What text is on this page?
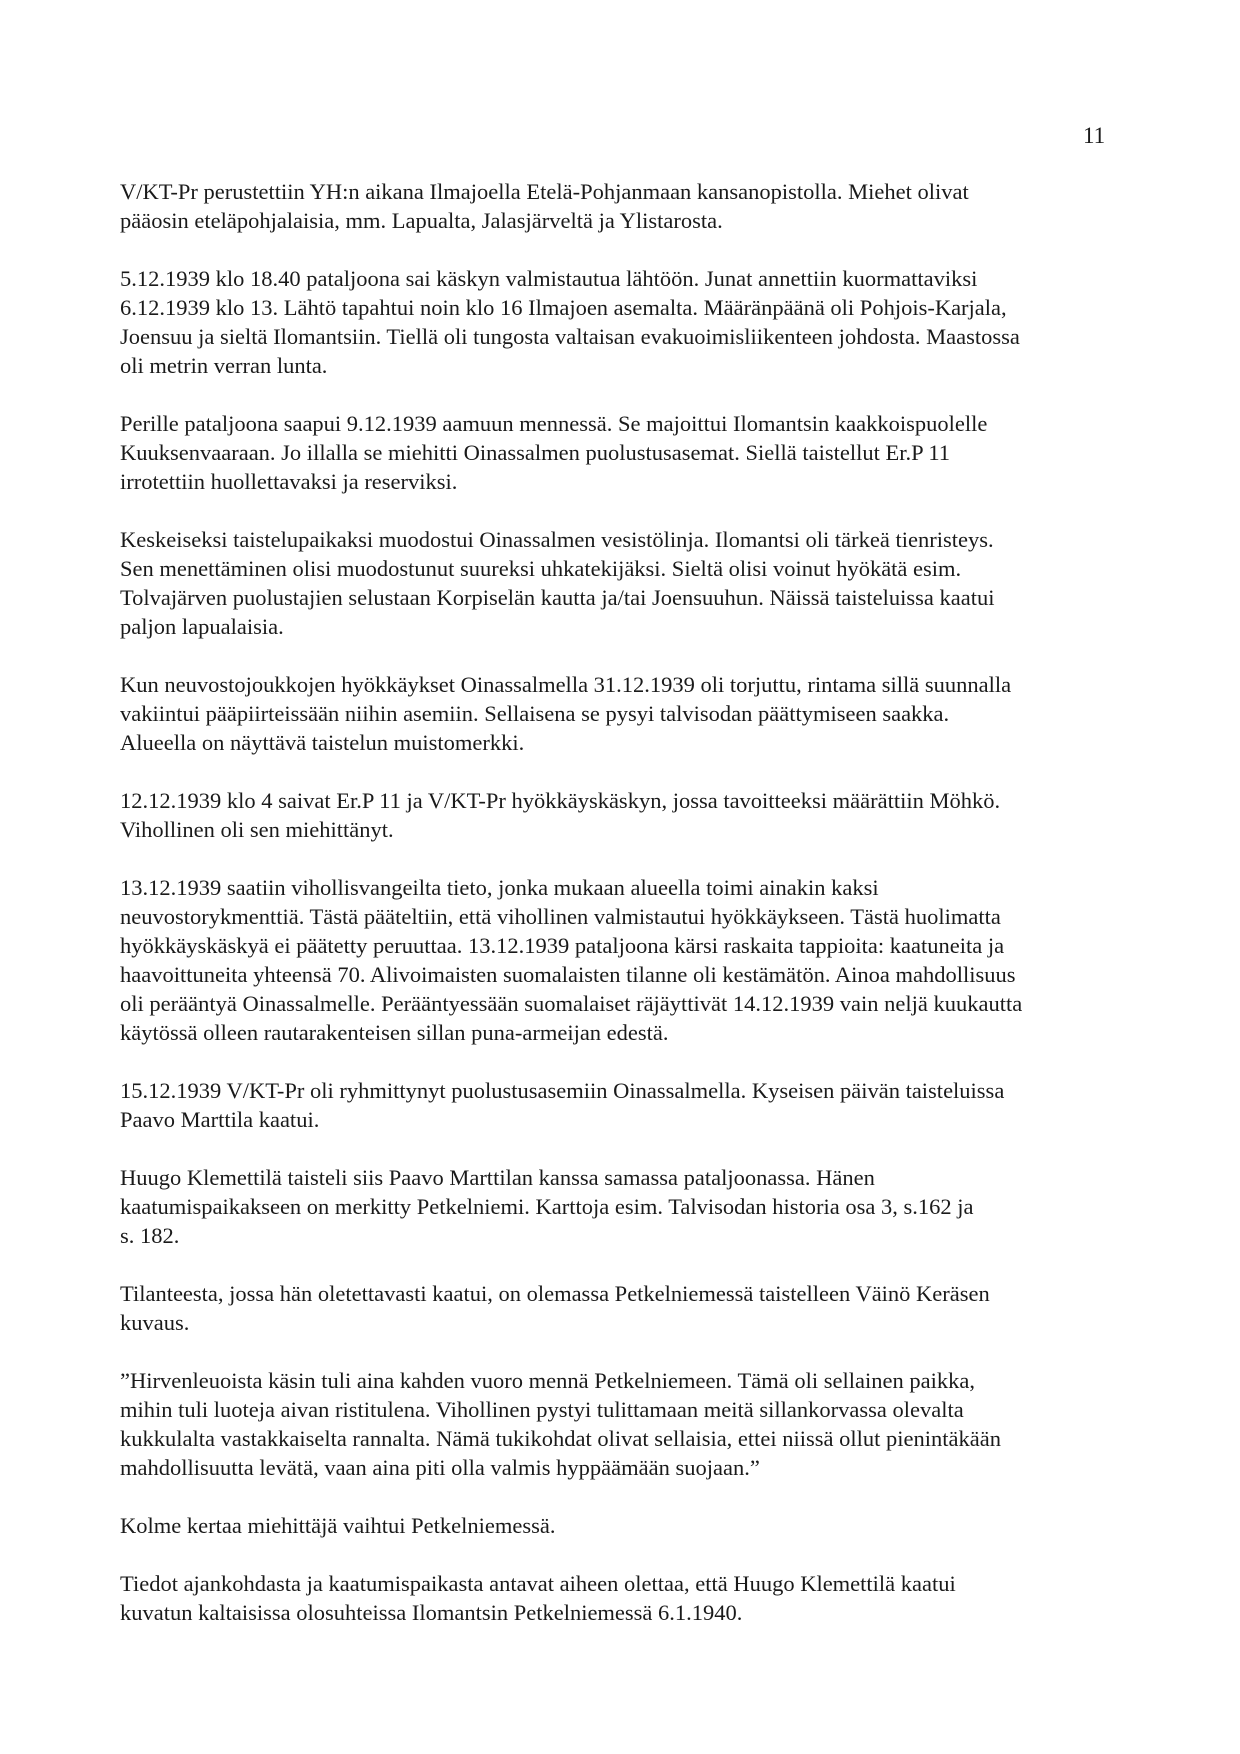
11

V/KT-Pr perustettiin YH:n aikana Ilmajoella Etelä-Pohjanmaan kansanopistolla. Miehet olivat
pääosin eteläpohjalaisia, mm. Lapualta, Jalasjärveltä ja Ylistarosta.

5.12.1939 klo 18.40 pataljoona sai käskyn valmistautua lähtöön. Junat annettiin kuormattaviksi
6.12.1939 klo 13. Lähtö tapahtui noin klo 16 Ilmajoen asemalta. Määränpäänä oli Pohjois-Karjala,
Joensuu ja sieltä Ilomantsiin. Tiellä oli tungosta valtaisan evakuoimisliikenteen johdosta. Maastossa
oli metrin verran lunta.

Perille pataljoona saapui 9.12.1939 aamuun mennessä. Se majoittui Ilomantsin kaakkoispuolelle
Kuuksenvaaraan. Jo illalla se miehitti Oinassalmen puolustusasemat. Siellä taistellut Er.P 11
irrotettiin huollettavaksi ja reserviksi.

Keskeiseksi taistelupaikaksi muodostui Oinassalmen vesistölinja. Ilomantsi oli tärkeä tienristeys.
Sen menettäminen olisi muodostunut suureksi uhkatekijäksi. Sieltä olisi voinut hyökätä esim.
Tolvajärven puolustajien selustaan Korpiselän kautta ja/tai Joensuuhun. Näissä taisteluissa kaatui
paljon lapualaisia.

Kun neuvostojoukkojen hyökkäykset Oinassalmella 31.12.1939 oli torjuttu, rintama sillä suunnalla
vakiintui pääpiirteissään niihin asemiin. Sellaisena se pysyi talvisodan päättymiseen saakka.
Alueella on näyttävä taistelun muistomerkki.

12.12.1939 klo 4 saivat Er.P 11 ja V/KT-Pr hyökkäyskäskyn, jossa tavoitteeksi määrättiin Möhkö.
Vihollinen oli sen miehittänyt.

13.12.1939 saatiin vihollisvangeilta tieto, jonka mukaan alueella toimi ainakin kaksi
neuvostorykmenttiä. Tästä pääteltiin, että vihollinen valmistautui hyökkäykseen. Tästä huolimatta
hyökkäyskäskyä ei päätetty peruuttaa. 13.12.1939 pataljoona kärsi raskaita tappioita: kaatuneita ja
haavoittuneita yhteensä 70. Alivoimaisten suomalaisten tilanne oli kestämätön. Ainoa mahdollisuus
oli perääntyä Oinassalmelle. Perääntyessään suomalaiset räjäyttivät 14.12.1939 vain neljä kuukautta
käytössä olleen rautarakenteisen sillan puna-armeijan edestä.

15.12.1939 V/KT-Pr oli ryhmittynyt puolustusasemiin Oinassalmella. Kyseisen päivän taisteluissa
Paavo Marttila kaatui.

Huugo Klemettilä taisteli siis Paavo Marttilan kanssa samassa pataljoonassa. Hänen
kaatumispaikakseen on merkitty Petkelniemi. Karttoja esim. Talvisodan historia osa 3, s.162 ja
s. 182.

Tilanteesta, jossa hän oletettavasti kaatui, on olemassa Petkelniemessä taistelleen Väinö Keräsen
kuvaus.

”Hirvenleuoista käsin tuli aina kahden vuoro mennä Petkelniemeen. Tämä oli sellainen paikka,
mihin tuli luoteja aivan ristitulena. Vihollinen pystyi tulittamaan meitä sillankorvassa olevalta
kukkulalta vastakkaiselta rannalta. Nämä tukikohdat olivat sellaisia, ettei niissä ollut pienintäkään
mahdollisuutta levätä, vaan aina piti olla valmis hyppäämään suojaan.”

Kolme kertaa miehittäjä vaihtui Petkelniemessä.

Tiedot ajankohdasta ja kaatumispaikasta antavat aiheen olettaa, että Huugo Klemettilä kaatui
kuvatun kaltaisissa olosuhteissa Ilomantsin Petkelniemessä 6.1.1940.
